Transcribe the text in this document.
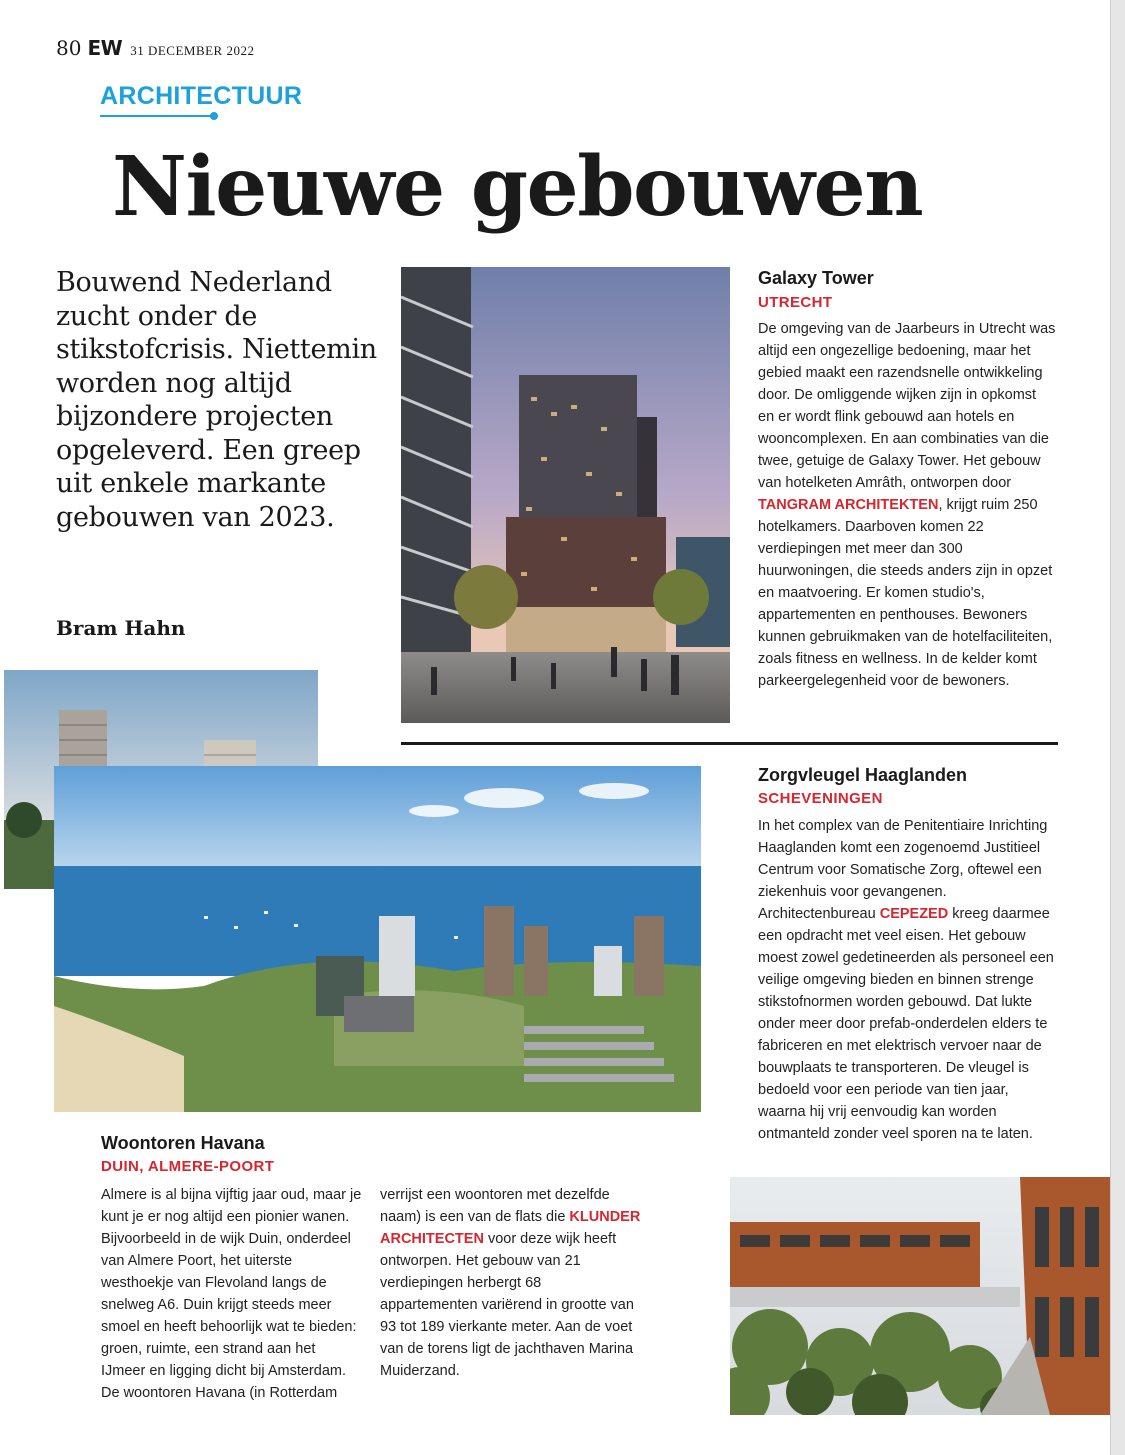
80 EW 31 DECEMBER 2022
ARCHITECTUUR
Nieuwe gebouwen

Bouwend Nederland zucht onder de stikstofcrisis. Niettemin worden nog altijd bijzondere projecten opgeleverd. Een greep uit enkele markante gebouwen van 2023.

Bram Hahn
Galaxy Tower
UTRECHT

De omgeving van de Jaarbeurs in Utrecht was altijd een ongezellige bedoening, maar het gebied maakt een razendsnelle ontwikkeling door. De omliggende wijken zijn in opkomst en er wordt flink gebouwd aan hotels en wooncomplexen. En aan combinaties van die twee, getuige de Galaxy Tower. Het gebouw van hotelketen Amrâth, ontworpen door TANGRAM ARCHITEKTEN, krijgt ruim 250 hotelkamers. Daarboven komen 22 verdiepingen met meer dan 300 huurwoningen, die steeds anders zijn in opzet en maatvoering. Er komen studio's, appartementen en penthouses. Bewoners kunnen gebruikmaken van de hotelfaciliteiten, zoals fitness en wellness. In de kelder komt parkeergelegenheid voor de bewoners.

Woontoren Havana
DUIN, ALMERE-POORT

Almere is al bijna vijftig jaar oud, maar je kunt je er nog altijd een pionier wanen. Bijvoorbeeld in de wijk Duin, onderdeel van Almere Poort, het uiterste westhoekje van Flevoland langs de snelweg A6. Duin krijgt steeds meer smoel en heeft behoorlijk wat te bieden: groen, ruimte, een strand aan het IJmeer en ligging dicht bij Amsterdam. De woontoren Havana (in Rotterdam verrijst een woontoren met dezelfde naam) is een van de flats die KLUNDER ARCHITECTEN voor deze wijk heeft ontworpen. Het gebouw van 21 verdiepingen herbergt 68 appartementen variërend in grootte van 93 tot 189 vierkante meter. Aan de voet van de torens ligt de jachthaven Marina Muiderzand.

Zorgvleugel Haaglanden
SCHEVENINGEN

In het complex van de Penitentiaire Inrichting Haaglanden komt een zogenoemd Justitieel Centrum voor Somatische Zorg, oftewel een ziekenhuis voor gevangenen. Architectenbureau CEPEZED kreeg daarmee een opdracht met veel eisen. Het gebouw moest zowel gedetineerden als personeel een veilige omgeving bieden en binnen strenge stikstofnormen worden gebouwd. Dat lukte onder meer door prefab-onderdelen elders te fabriceren en met elektrisch vervoer naar de bouwplaats te transporteren. De vleugel is bedoeld voor een periode van tien jaar, waarna hij vrij eenvoudig kan worden ontmanteld zonder veel sporen na te laten.
